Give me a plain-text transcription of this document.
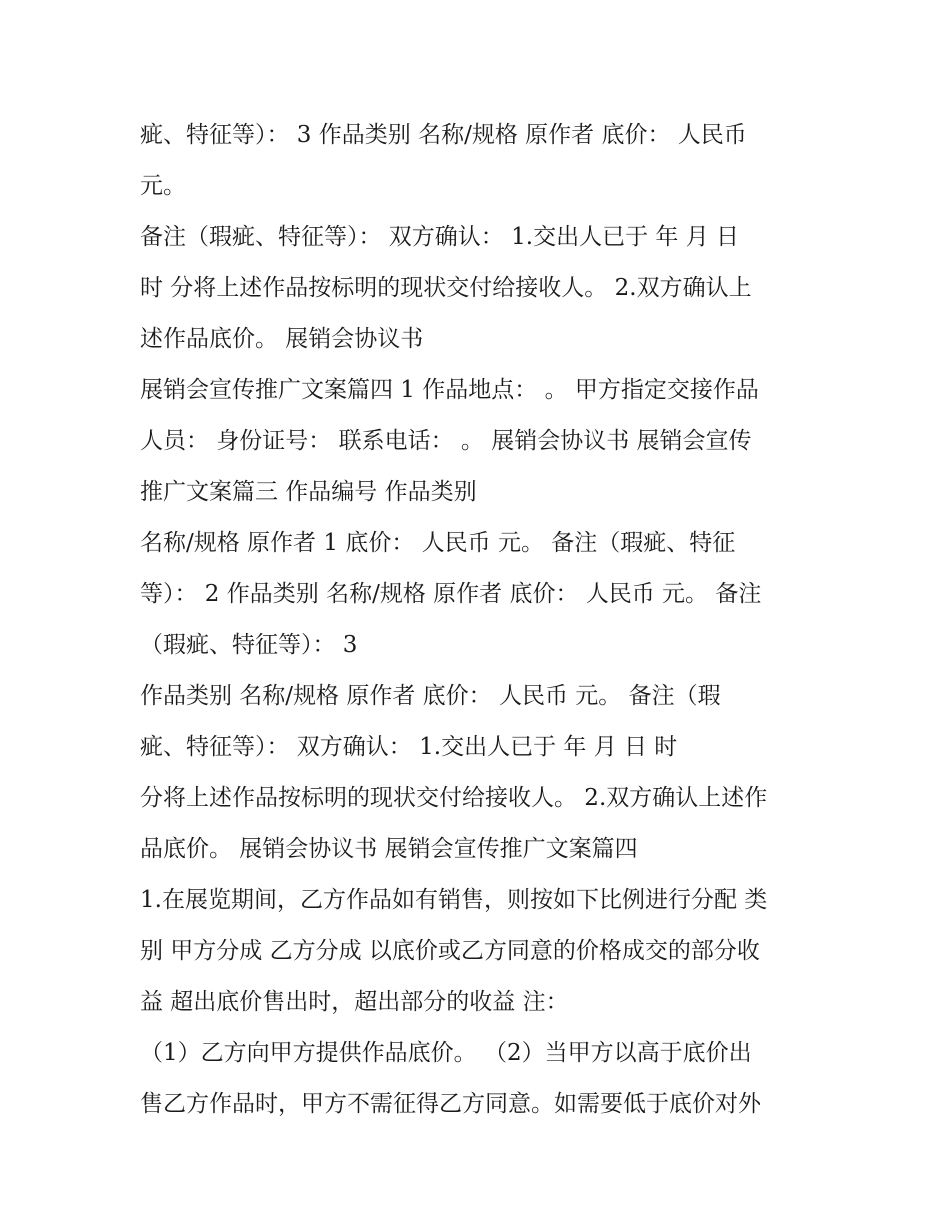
疵、特征等）： 3 作品类别 名称/规格 原作者 底价： 人民币
元。
备注（瑕疵、特征等）： 双方确认： 1.交出人已于 年 月 日
时 分将上述作品按标明的现状交付给接收人。 2.双方确认上
述作品底价。 展销会协议书
展销会宣传推广文案篇四 1 作品地点： 。 甲方指定交接作品
人员： 身份证号： 联系电话： 。 展销会协议书 展销会宣传
推广文案篇三 作品编号 作品类别
名称/规格 原作者 1 底价： 人民币 元。 备注（瑕疵、特征
等）： 2 作品类别 名称/规格 原作者 底价： 人民币 元。 备注
（瑕疵、特征等）： 3
作品类别 名称/规格 原作者 底价： 人民币 元。 备注（瑕
疵、特征等）： 双方确认： 1.交出人已于 年 月 日 时
分将上述作品按标明的现状交付给接收人。 2.双方确认上述作
品底价。 展销会协议书 展销会宣传推广文案篇四
1.在展览期间，乙方作品如有销售，则按如下比例进行分配 类
别 甲方分成 乙方分成 以底价或乙方同意的价格成交的部分收
益 超出底价售出时，超出部分的收益 注：
（1）乙方向甲方提供作品底价。 （2）当甲方以高于底价出
售乙方作品时，甲方不需征得乙方同意。如需要低于底价对外
